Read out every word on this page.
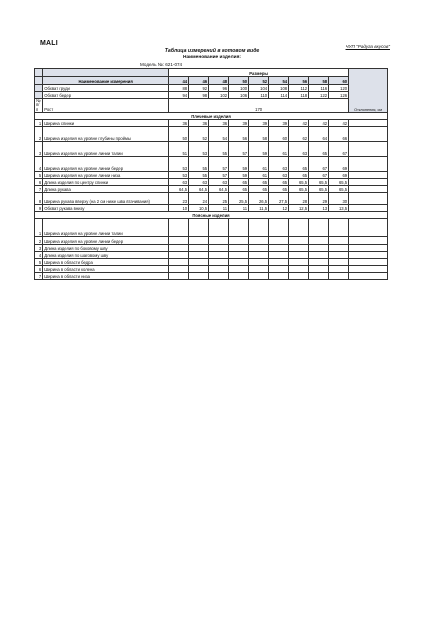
MALI	ЧУП "Радуга вкусов"
Таблица измерений в готовом виде
Наименование изделия:
Модель №: 621-074
		Размеры									Отклонения, см
	Наименование измерения	44	46	48	50	52	54	56	58	60	
	Обхват груди	88	92	96	100	104	108	112	116	120	
	Обхват бедер	94	98	102	106	110	114	118	122	126	
№ п/п	Рост	170									
Плечевые изделия											
1	Ширина спинки	36	36	36	39	39	39	42	42	42	
2	Ширина изделия на уровне глубины проймы	50	52	54	56	58	60	62	64	66	
3	Ширина изделия на уровне линии талии	51	53	55	57	59	61	63	65	67	
4	Ширина изделия на уровне линии бедер	53	55	57	59	61	63	65	67	69	
5	Ширина изделия на уровне линии низа	53	55	57	59	61	63	65	67	69	
6	Длина изделия по центру спинки	63	63	63	65	65	65	65,5	65,5	65,5	
7	Длина рукава	64,5	64,5	64,5	65	65	65	65,5	65,5	65,5	
8	Ширина рукава вверху (на 2 см ниже шва втачивания)	23	24	25	25,5	26,5	27,5	28	29	30	
9	Обхват рукава внизу	10	10,5	11	11	11,5	12	12,5	13	13,5	
Поясные изделия											
1	Ширина изделия на уровне линии талии										
2	Ширина изделия на уровне линии бедер										
3	Длина изделия по боковому шву										
4	Длина изделия по шаговому шву										
5	Ширина в области бедра										
6	Ширина в области колена										
7	Ширина в области низа										
